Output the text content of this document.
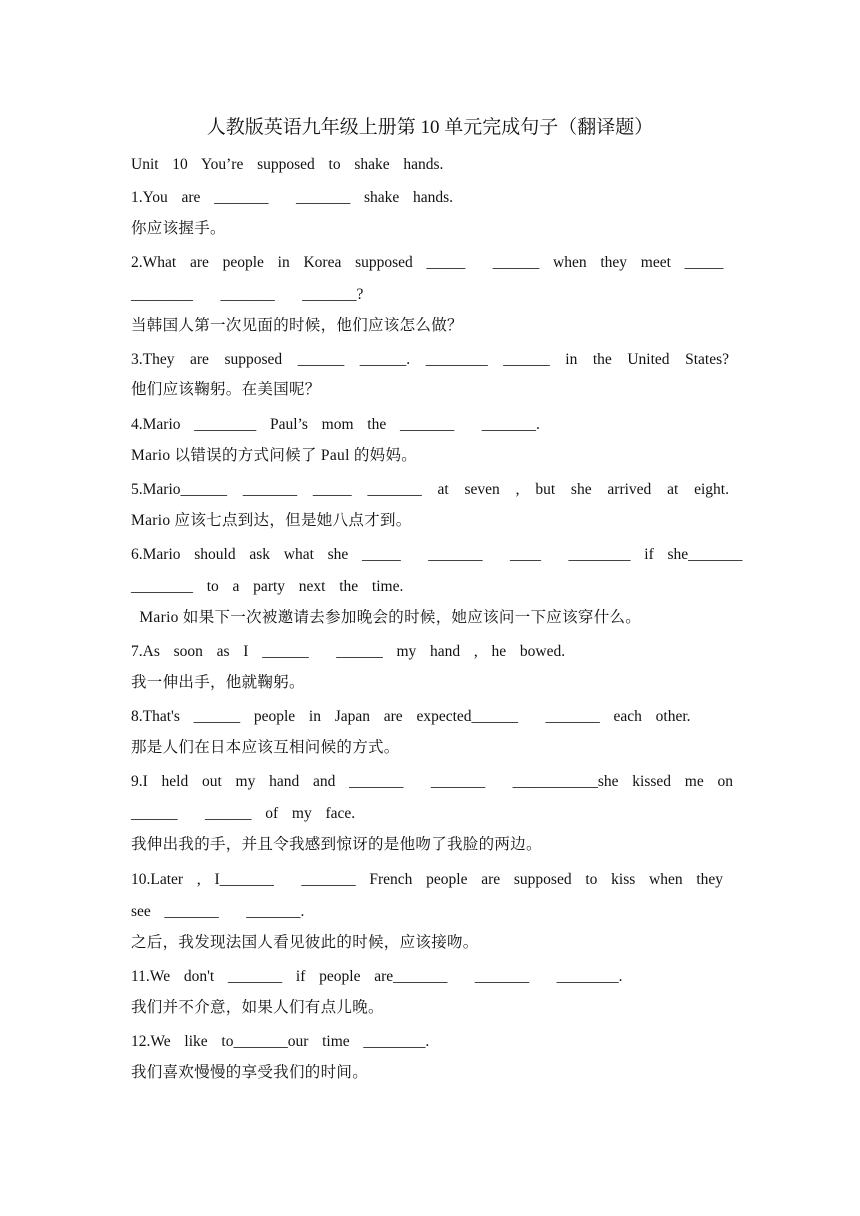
人教版英语九年级上册第 10 单元完成句子（翻译题）
Unit  10  You’re  supposed  to  shake  hands.
1.You  are  _______    _______  shake  hands.
你应该握手。
2.What  are  people  in  Korea  supposed  _____    ______  when  they  meet  _____
________    _______    _______?
当韩国人第一次见面的时候，他们应该怎么做？
3.They are supposed ______ ______. ________ ______ in the United States?
他们应该鞠躬。在美国呢？
4.Mario  ________  Paul’s  mom  the  _______    _______.
Mario 以错误的方式问候了 Paul 的妈妈。
5.Mario______ _______ _____ _______ at seven , but she arrived at eight.
Mario 应该七点到达，但是她八点才到。
6.Mario  should  ask  what  she  _____    _______    ____    ________  if  she_______
________  to  a  party  next  the  time.
Mario 如果下一次被邀请去参加晚会的时候，她应该问一下应该穿什么。
7.As  soon  as  I  ______    ______  my  hand  ,  he  bowed.
我一伸出手，他就鞠躬。
8.That's  ______  people  in  Japan  are  expected______    _______  each  other.
那是人们在日本应该互相问候的方式。
9.I  held  out  my  hand  and  _______    _______    ___________she  kissed  me  on
______    ______  of  my  face.
我伸出我的手，并且令我感到惊讶的是他吻了我脸的两边。
10.Later  ,  I_______    _______  French  people  are  supposed  to  kiss  when  they
see  _______    _______.
之后，我发现法国人看见彼此的时候，应该接吻。
11.We  don't  _______  if  people  are_______    _______    ________.
我们并不介意，如果人们有点儿晚。
12.We  like  to_______our  time  ________.
我们喜欢慢慢的享受我们的时间。
